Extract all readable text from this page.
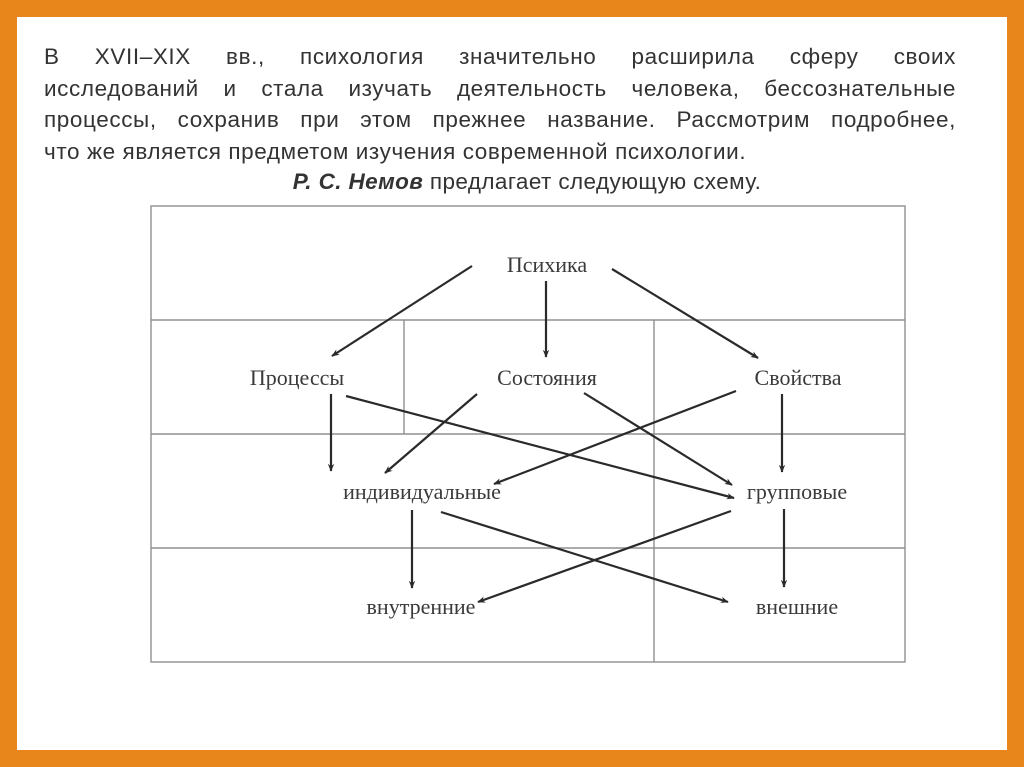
В XVII–XIX вв., психология значительно расширила сферу своих
исследований и стала изучать деятельность человека, бессознательные
процессы, сохранив при этом прежнее название. Рассмотрим подробнее,
что же является предметом изучения современной психологии.

Р. С. Немов предлагает следующую схему.
Психика
Процессы	Состояния	Свойства
индивидуальные	групповые
внутренние	внешние
